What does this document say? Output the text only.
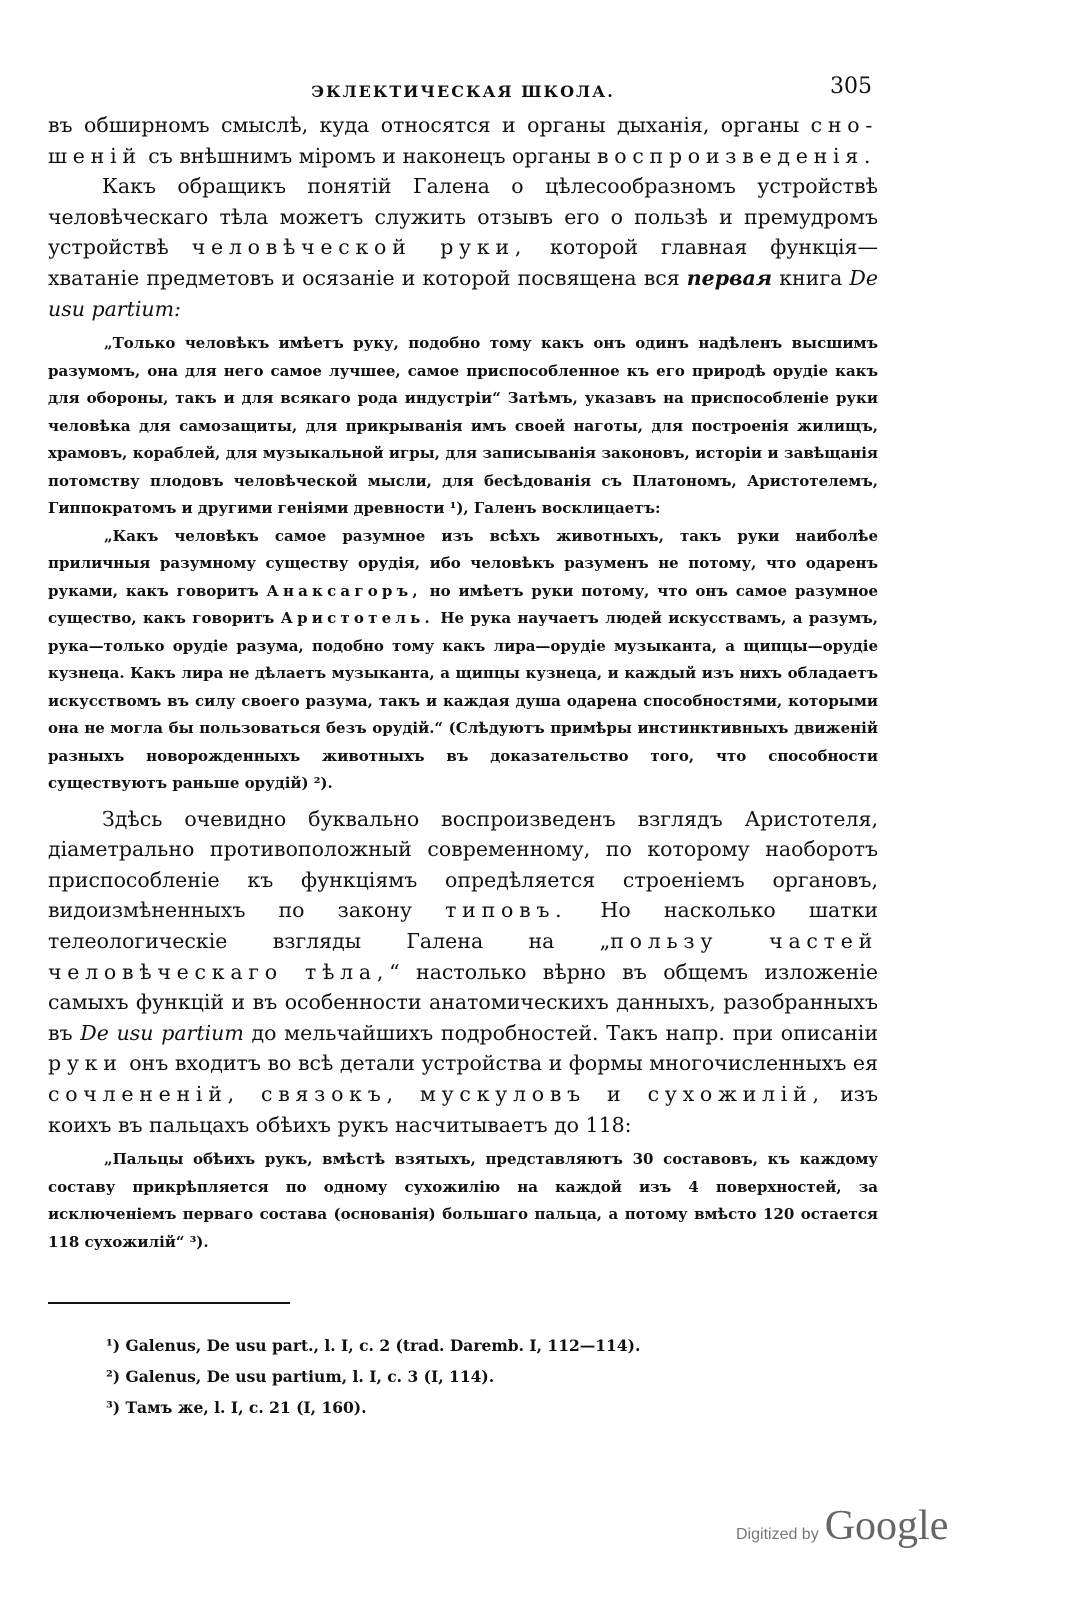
ЭКЛЕКТИЧЕСКАЯ ШКОЛА.	305

въ обширномъ смыслѣ, куда относятся и органы дыханія, органы сно-шеній съ внѣшнимъ міромъ и наконецъ органы воспроизведенія.

Какъ обращикъ понятій Галена о цѣлесообразномъ устройствѣ человѣческаго тѣла можетъ служить отзывъ его о пользѣ и премудромъ устройствѣ человѣческой руки, которой главная функція—хватаніе предметовъ и осязаніе и которой посвящена вся первая книга De usu partium:

„Только человѣкъ имѣетъ руку, подобно тому какъ онъ одинъ надѣленъ высшимъ разумомъ, она для него самое лучшее, самое приспособленное къ его природѣ орудіе какъ для обороны, такъ и для всякаго рода индустріи“ Затѣмъ, указавъ на приспособленіе руки человѣка для самозащиты, для прикрыванія имъ своей наготы, для построенія жилищъ, храмовъ, кораблей, для музыкальной игры, для записыванія законовъ, исторіи и завѣщанія потомству плодовъ человѣческой мысли, для бесѣдованія съ Платономъ, Аристотелемъ, Гиппократомъ и другими геніями древности ¹), Галенъ восклицаетъ:

„Какъ человѣкъ самое разумное изъ всѣхъ животныхъ, такъ руки наиболѣе приличныя разумному существу орудія, ибо человѣкъ разуменъ не потому, что одаренъ руками, какъ говоритъ Анаксагоръ, но имѣетъ руки потому, что онъ самое разумное существо, какъ говоритъ Аристотель. Не рука научаетъ людей искусствамъ, а разумъ, рука—только орудіе разума, подобно тому какъ лира—орудіе музыканта, а щипцы—орудіе кузнеца. Какъ лира не дѣлаетъ музыканта, а щипцы кузнеца, и каждый изъ нихъ обладаетъ искусствомъ въ силу своего разума, такъ и каждая душа одарена способностями, которыми она не могла бы пользоваться безъ орудій.“ (Слѣдуютъ примѣры инстинктивныхъ движеній разныхъ новорожденныхъ животныхъ въ доказательство того, что способности существуютъ раньше орудій) ²).

Здѣсь очевидно буквально воспроизведенъ взглядъ Аристотеля, діаметрально противоположный современному, по которому наоборотъ приспособленіе къ функціямъ опредѣляется строеніемъ органовъ, видоизмѣненныхъ по закону типовъ. Но насколько шатки телеологическіе взгляды Галена на „пользу частей человѣческаго тѣла,“ настолько вѣрно въ общемъ изложеніе самыхъ функцій и въ особенности анатомическихъ данныхъ, разобранныхъ въ De usu partium до мельчайшихъ подробностей. Такъ напр. при описаніи руки онъ входитъ во всѣ детали устройства и формы многочисленныхъ ея сочлененій, связокъ, мускуловъ и сухожилій, изъ коихъ въ пальцахъ обѣихъ рукъ насчитываетъ до 118:

„Пальцы обѣихъ рукъ, вмѣстѣ взятыхъ, представляютъ 30 составовъ, къ каждому составу прикрѣпляется по одному сухожилію на каждой изъ 4 поверхностей, за исключеніемъ перваго состава (основанія) большаго пальца, а потому вмѣсто 120 остается 118 сухожилій“ ³).

¹) Galenus, De usu part., l. I, c. 2 (trad. Daremb. I, 112—114).

²) Galenus, De usu partium, l. I, c. 3 (I, 114).

³) Тамъ же, l. I, c. 21 (I, 160).

Digitized by Google
